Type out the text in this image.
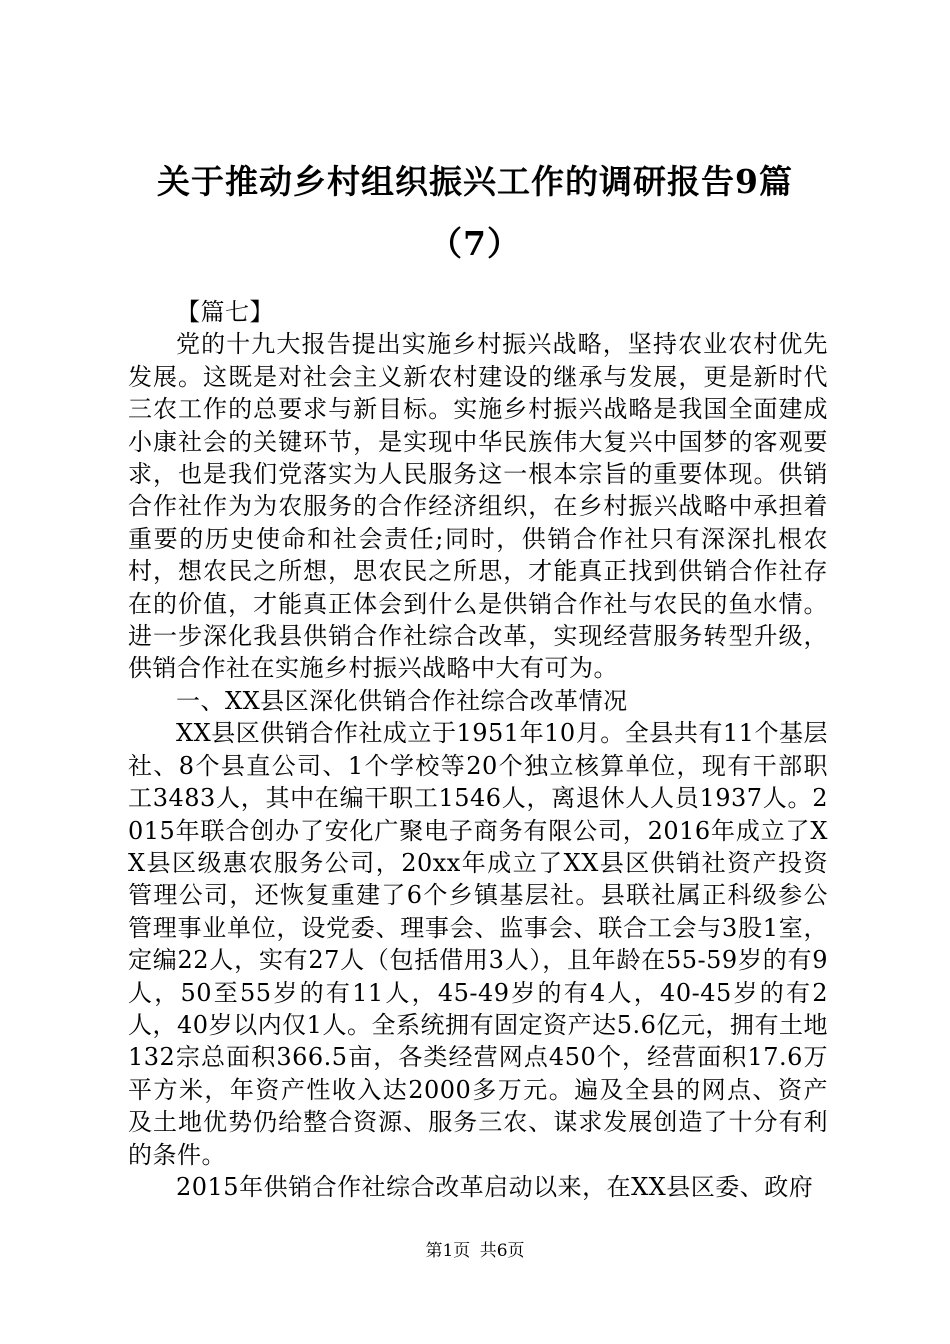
关于推动乡村组织振兴工作的调研报告9篇
（7）

【篇七】

党的十九大报告提出实施乡村振兴战略，坚持农业农村优先发展。这既是对社会主义新农村建设的继承与发展，更是新时代三农工作的总要求与新目标。实施乡村振兴战略是我国全面建成小康社会的关键环节，是实现中华民族伟大复兴中国梦的客观要求，也是我们党落实为人民服务这一根本宗旨的重要体现。供销合作社作为为农服务的合作经济组织，在乡村振兴战略中承担着重要的历史使命和社会责任;同时，供销合作社只有深深扎根农村，想农民之所想，思农民之所思，才能真正找到供销合作社存在的价值，才能真正体会到什么是供销合作社与农民的鱼水情。进一步深化我县供销合作社综合改革，实现经营服务转型升级，供销合作社在实施乡村振兴战略中大有可为。

一、XX县区深化供销合作社综合改革情况

XX县区供销合作社成立于1951年10月。全县共有11个基层社、8个县直公司、1个学校等20个独立核算单位，现有干部职工3483人，其中在编干职工1546人，离退休人人员1937人。2015年联合创办了安化广聚电子商务有限公司，2016年成立了XX县区级惠农服务公司，20xx年成立了XX县区供销社资产投资管理公司，还恢复重建了6个乡镇基层社。县联社属正科级参公管理事业单位，设党委、理事会、监事会、联合工会与3股1室，定编22人，实有27人（包括借用3人），且年龄在55-59岁的有9人，50至55岁的有11人，45-49岁的有4人，40-45岁的有2人，40岁以内仅1人。全系统拥有固定资产达5.6亿元，拥有土地132宗总面积366.5亩，各类经营网点450个，经营面积17.6万平方米，年资产性收入达2000多万元。遍及全县的网点、资产及土地优势仍给整合资源、服务三农、谋求发展创造了十分有利的条件。

2015年供销合作社综合改革启动以来，在XX县区委、政府

第1页 共6页
